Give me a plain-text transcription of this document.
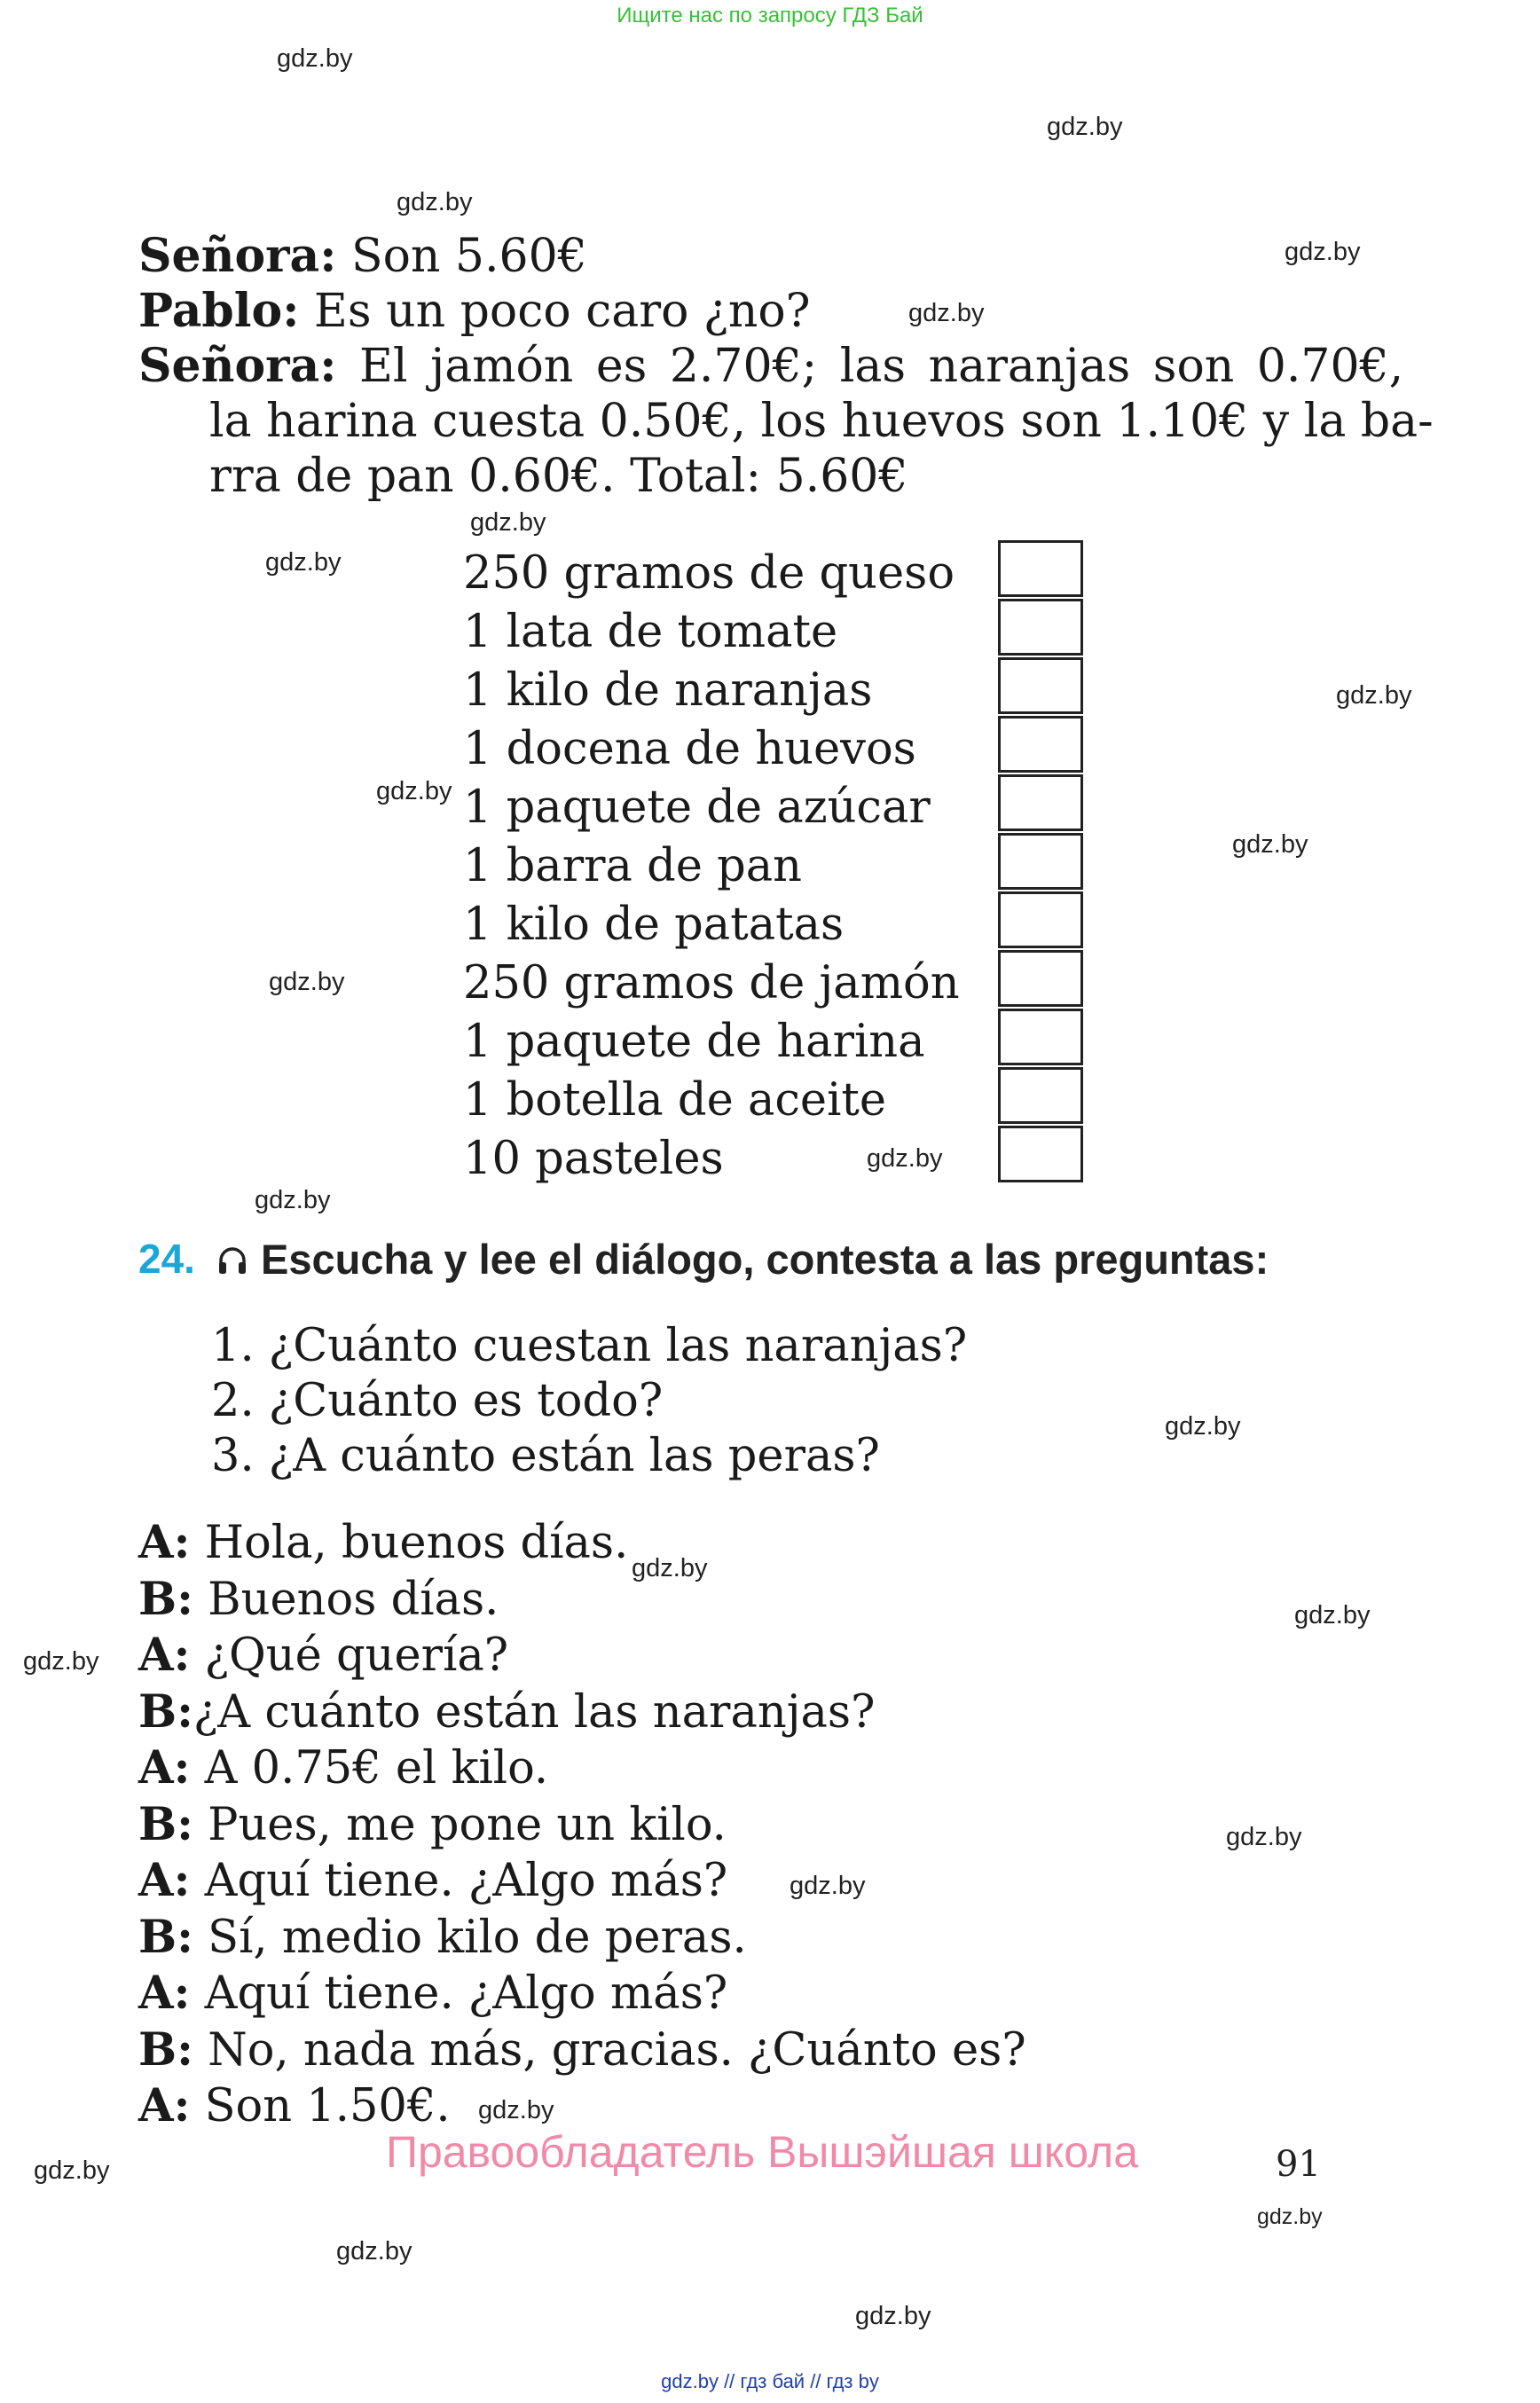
Ищите нас по запросу ГДЗ Бай
gdz.by
gdz.by
gdz.by
gdz.by
gdz.by
gdz.by
gdz.by
gdz.by
gdz.by
gdz.by
gdz.by
gdz.by
gdz.by
gdz.by
gdz.by
gdz.by
gdz.by
gdz.by
gdz.by
gdz.by
gdz.by
gdz.by
gdz.by
gdz.by
Señora: Son 5.60€
Pablo: Es un poco caro ¿no?
Señora: El jamón es 2.70€; las naranjas son 0.70€,
la harina cuesta 0.50€, los huevos son 1.10€ y la ba-
rra de pan 0.60€. Total: 5.60€
250 gramos de queso
1 lata de tomate
1 kilo de naranjas
1 docena de huevos
1 paquete de azúcar
1 barra de pan
1 kilo de patatas
250 gramos de jamón
1 paquete de harina
1 botella de aceite
10 pasteles
24. Escucha y lee el diálogo, contesta a las preguntas:
1. ¿Cuánto cuestan las naranjas?
2. ¿Cuánto es todo?
3. ¿A cuánto están las peras?
A: Hola, buenos días.
B: Buenos días.
A: ¿Qué quería?
B:¿A cuánto están las naranjas?
A: A 0.75€ el kilo.
B: Pues, me pone un kilo.
A: Aquí tiene. ¿Algo más?
B: Sí, medio kilo de peras.
A: Aquí tiene. ¿Algo más?
B: No, nada más, gracias. ¿Cuánto es?
A: Son 1.50€.
Правообладатель Вышэйшая школа	91
gdz.by // гдз бай // гдз by
